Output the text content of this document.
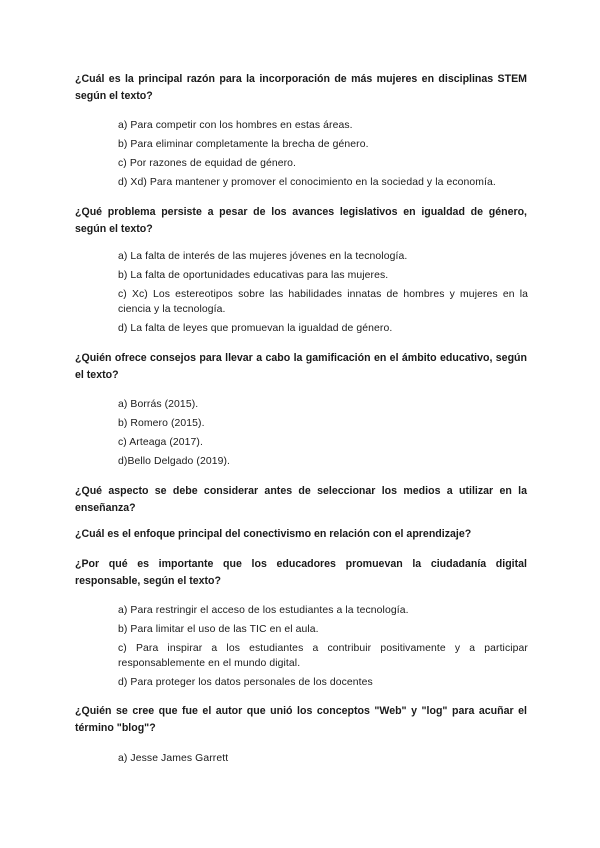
¿Cuál es la principal razón para la incorporación de más mujeres en disciplinas STEM según el texto?
a) Para competir con los hombres en estas áreas.
b) Para eliminar completamente la brecha de género.
c) Por razones de equidad de género.
d) Xd) Para mantener y promover el conocimiento en la sociedad y la economía.
¿Qué problema persiste a pesar de los avances legislativos en igualdad de género, según el texto?
a) La falta de interés de las mujeres jóvenes en la tecnología.
b) La falta de oportunidades educativas para las mujeres.
c) Xc) Los estereotipos sobre las habilidades innatas de hombres y mujeres en la ciencia y la tecnología.
d) La falta de leyes que promuevan la igualdad de género.
¿Quién ofrece consejos para llevar a cabo la gamificación en el ámbito educativo, según el texto?
a) Borrás (2015).
b) Romero (2015).
c) Arteaga (2017).
d)Bello Delgado (2019).
¿Qué aspecto se debe considerar antes de seleccionar los medios a utilizar en la enseñanza?
¿Cuál es el enfoque principal del conectivismo en relación con el aprendizaje?
¿Por qué es importante que los educadores promuevan la ciudadanía digital responsable, según el texto?
a) Para restringir el acceso de los estudiantes a la tecnología.
b) Para limitar el uso de las TIC en el aula.
c) Para inspirar a los estudiantes a contribuir positivamente y a participar responsablemente en el mundo digital.
d) Para proteger los datos personales de los docentes
¿Quién se cree que fue el autor que unió los conceptos "Web" y "log" para acuñar el término "blog"?
a) Jesse James Garrett
